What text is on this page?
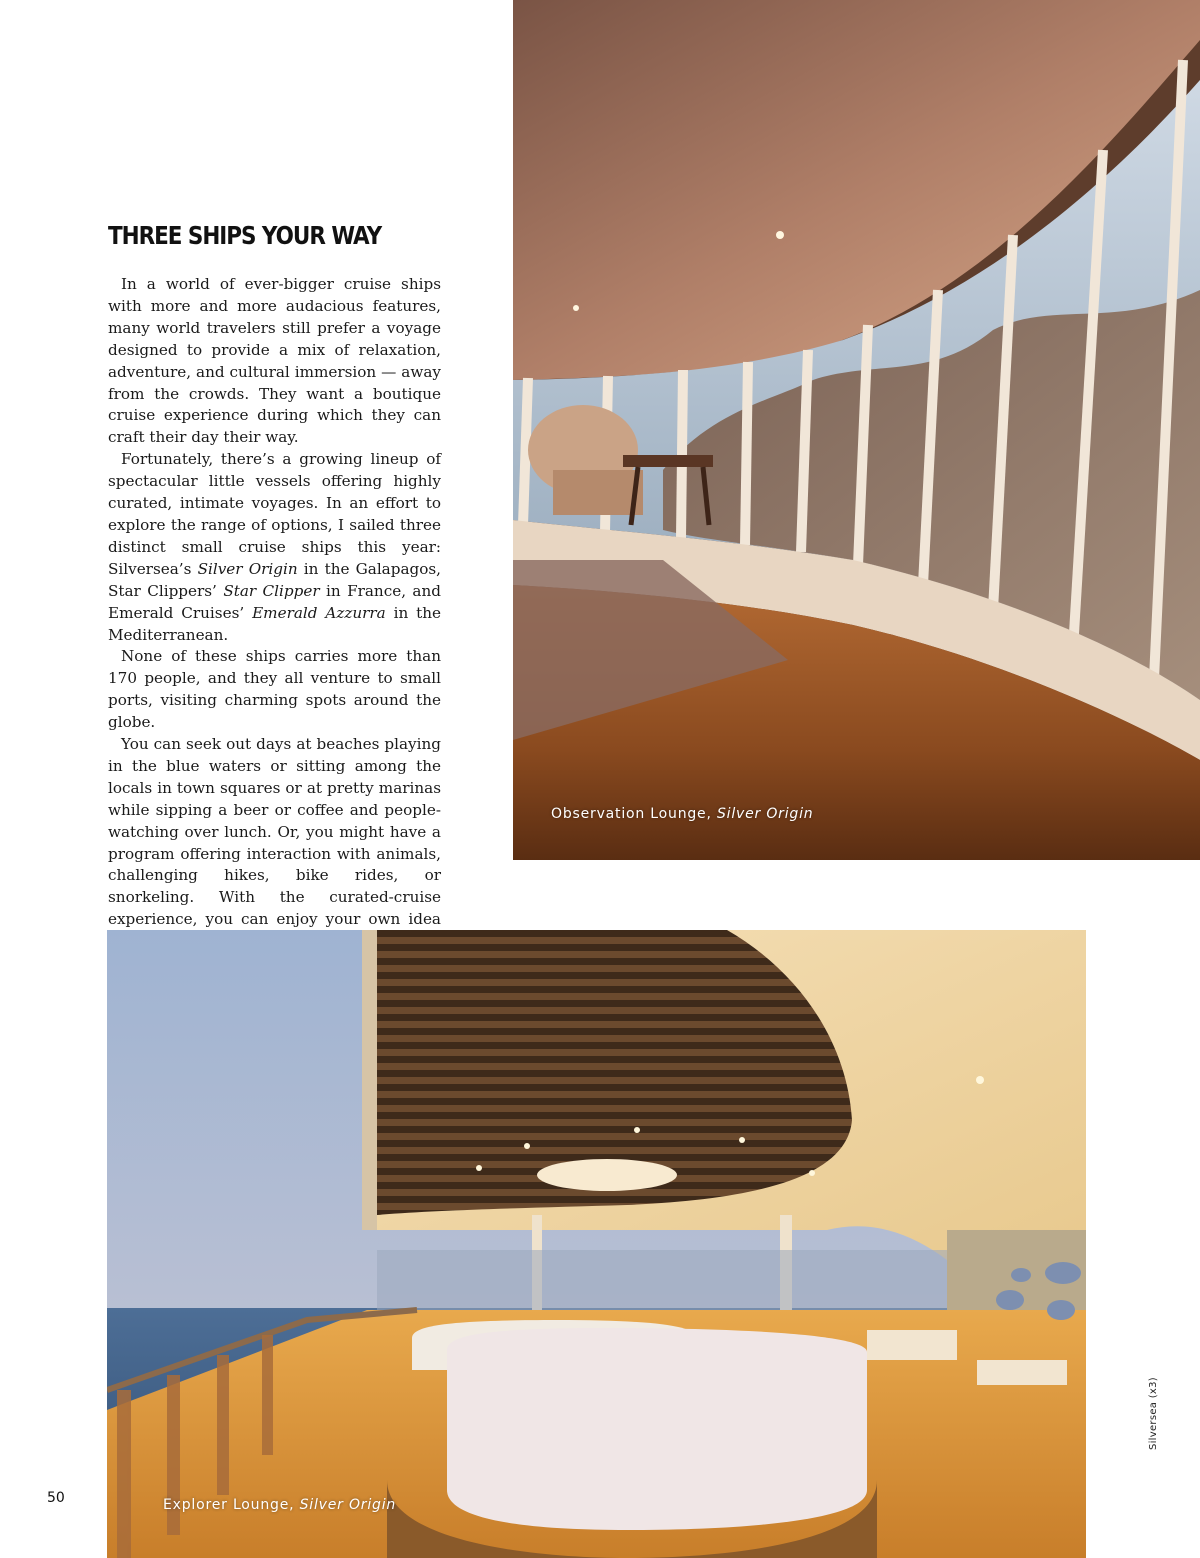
THREE SHIPS YOUR WAY

In a world of ever-bigger cruise ships with more and more audacious features, many world travelers still prefer a voyage designed to provide a mix of relaxation, adventure, and cultural immersion — away from the crowds. They want a boutique cruise experience during which they can craft their day their way.

Fortunately, there’s a growing lineup of spectacular little vessels offering highly curated, intimate voyages. In an effort to explore the range of options, I sailed three distinct small cruise ships this year: Silversea’s Silver Origin in the Galapagos, Star Clippers’ Star Clipper in France, and Emerald Cruises’ Emerald Azzurra in the Mediterranean.

None of these ships carries more than 170 people, and they all venture to small ports, visiting charming spots around the globe.

You can seek out days at beaches playing in the blue waters or sitting among the locals in town squares or at pretty marinas while sipping a beer or coffee and people-watching over lunch. Or, you might have a program offering interaction with animals, challenging hikes, bike rides, or snorkeling. With the curated-cruise experience, you can enjoy your own idea

Observation Lounge, Silver Origin
Explorer Lounge, Silver Origin
50
Silversea (x3)
